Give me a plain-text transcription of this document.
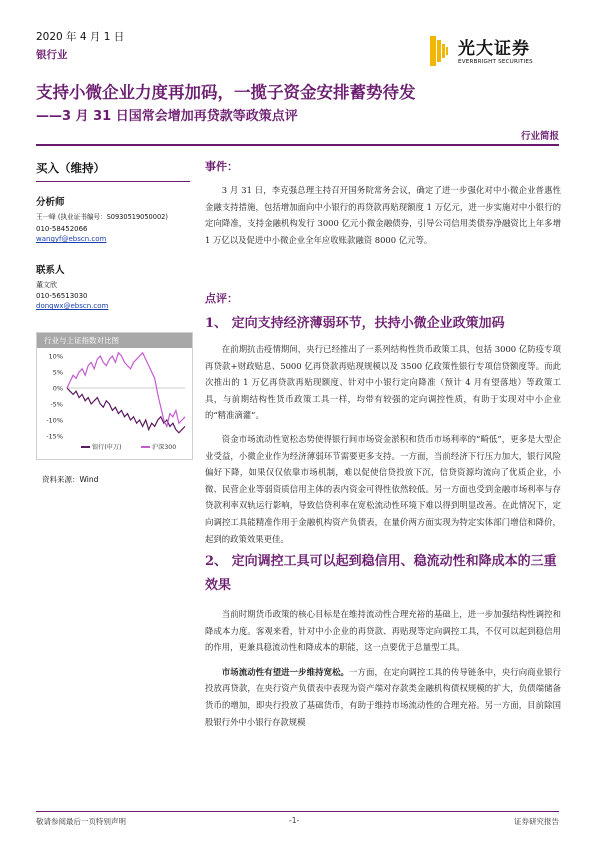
2020 年 4 月 1 日
银行业	光大证券
EVERBRIGHT SECURITIES
支持小微企业力度再加码，一揽子资金安排蓄势待发
——3 月 31 日国常会增加再贷款等政策点评
行业简报
买入（维持）
分析师
王一峰 (执业证书编号：S0930519050002)
010-58452066
wangyf@ebscn.com
联系人
董文欣
010-56513030
dongwx@ebscn.com
行业与上证指数对比图
10%
5%
0%
-5%
-10%
-15%
银行(申万)	沪深300
资料来源：Wind
事件：

3 月 31 日，李克强总理主持召开国务院常务会议，确定了进一步强化对中小微企业普惠性金融支持措施，包括增加面向中小银行的再贷款再贴现额度 1 万亿元，进一步实施对中小银行的定向降准，支持金融机构发行 3000 亿元小微金融债券，引导公司信用类债券净融资比上年多增 1 万亿以及促进中小微企业全年应收账款融资 8000 亿元等。

点评：
1、 定向支持经济薄弱环节，扶持小微企业政策加码

在前期抗击疫情期间，央行已经推出了一系列结构性货币政策工具，包括 3000 亿防疫专项再贷款+财政贴息、5000 亿再贷款再贴现规模以及 3500 亿政策性银行专项信贷额度等。而此次推出的 1 万亿再贷款再贴现额度、针对中小银行定向降准（预计 4 月有望落地）等政策工具，与前期结构性货币政策工具一样，均带有较强的定向调控性质，有助于实现对中小企业的“精准滴灌”。

资金市场流动性宽松态势使得银行间市场资金淤积和货币市场利率的“畸低”，更多是大型企业受益，小微企业作为经济薄弱环节需要更多支持。一方面，当前经济下行压力加大，银行风险偏好下降，如果仅仅依靠市场机制，难以促使信贷投放下沉，信贷资源均流向了优质企业，小微、民营企业等弱资质信用主体的表内资金可得性依然较低。另一方面也受到金融市场利率与存贷款利率双轨运行影响，导致信贷利率在宽松流动性环境下难以得到明显改善。在此情况下，定向调控工具能精准作用于金融机构资产负债表，在量价两方面实现为特定实体部门增信和降价，起到的政策效果更佳。

2、 定向调控工具可以起到稳信用、稳流动性和降成本的三重效果

当前时期货币政策的核心目标是在维持流动性合理充裕的基础上，进一步加强结构性调控和降成本力度。客观来看，针对中小企业的再贷款、再贴现等定向调控工具，不仅可以起到稳信用的作用，更兼具稳流动性和降成本的职能，这一点要优于总量型工具。

市场流动性有望进一步维持宽松。一方面，在定向调控工具的传导链条中，央行向商业银行投放再贷款，在央行资产负债表中表现为资产端对存款类金融机构债权规模的扩大，负债端储备货币的增加，即央行投放了基础货币，有助于维持市场流动性的合理充裕。另一方面，目前除国股银行外中小银行存款规模

敬请参阅最后一页特别声明	-1-	证券研究报告
